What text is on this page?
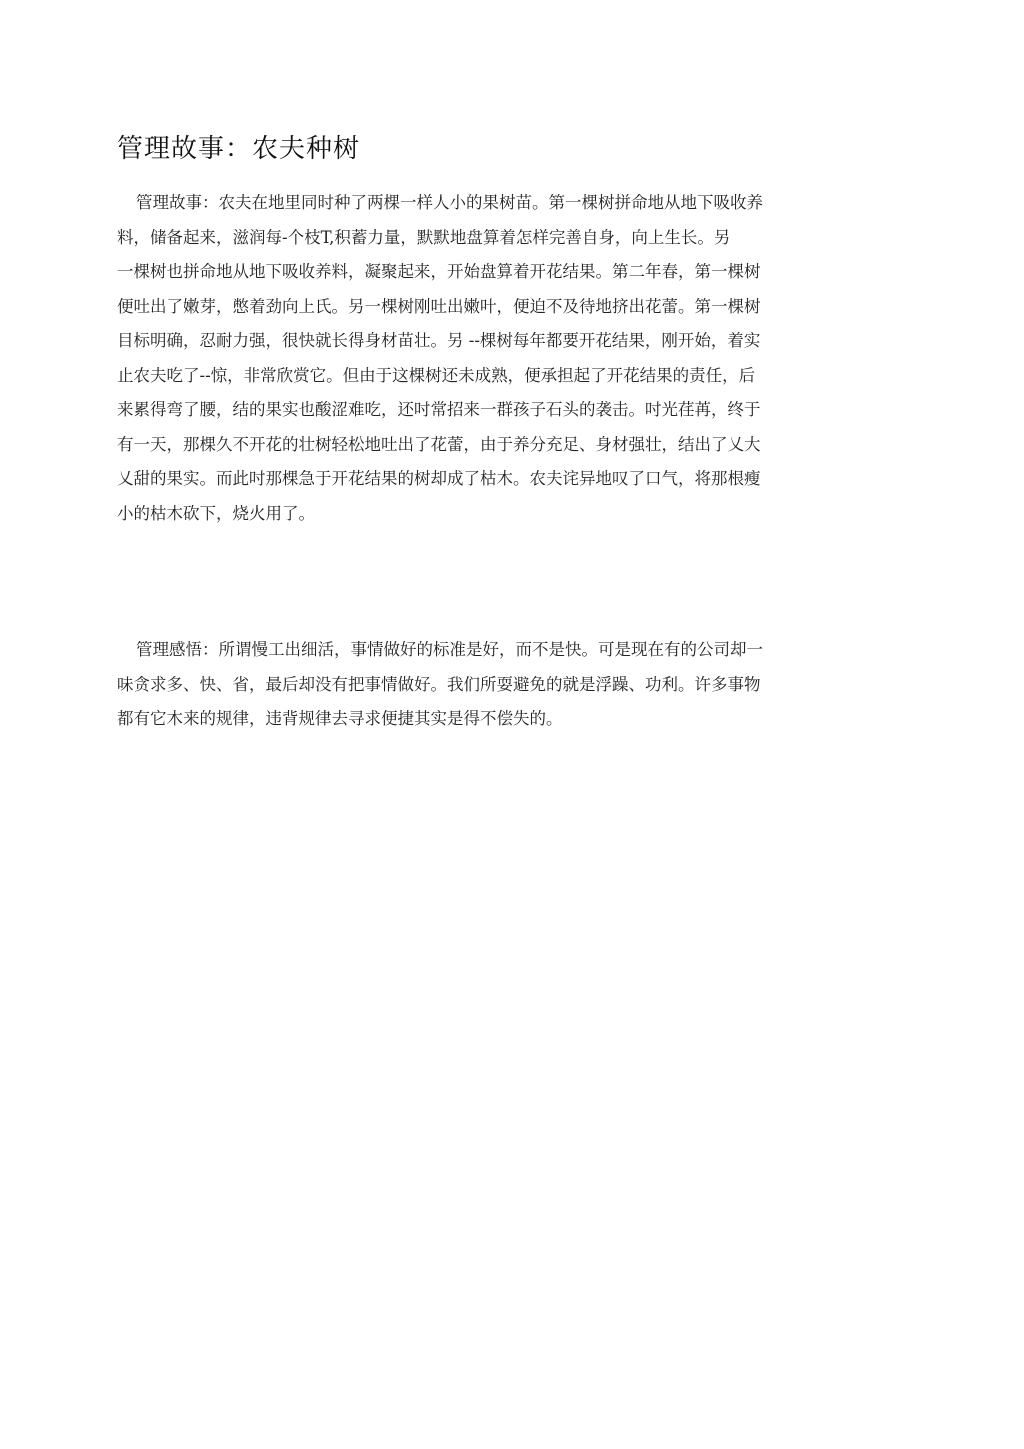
管理故事：农夫种树
管理故事：农夫在地里同时种了两棵一样人小的果树苗。第一棵树拼命地从地下吸收养
料，储备起来，滋润每-个枝T,积蓄力量，默默地盘算着怎样完善自身，向上生长。另
一棵树也拼命地从地下吸收养料，凝聚起来，开始盘算着开花结果。第二年春，第一棵树
便吐出了嫩芽，憋着劲向上氏。另一棵树刚吐出嫩叶，便迫不及待地挤出花蕾。第一棵树
目标明确，忍耐力强，很快就长得身材苗壮。另 --棵树每年都要开花结果，刚开始，着实
止农夫吃了--惊，非常欣赏它。但由于这棵树还未成熟，便承担起了开花结果的责任，后
来累得弯了腰，结的果实也酸涩难吃，还吋常招来一群孩子石头的袭击。吋光荏苒，终于
有一天，那棵久不开花的壮树轻松地吐出了花蕾，由于养分充足、身材强壮，结出了乂大
乂甜的果实。而此吋那棵急于开花结果的树却成了枯木。农夫诧异地叹了口气，将那根瘦
小的枯木砍下，烧火用了。
管理感悟：所谓慢工出细活，事情做好的标准是好，而不是快。可是现在有的公司却一
味贪求多、快、省，最后却没有把事情做好。我们所耍避免的就是浮躁、功利。许多事物
都有它木来的规律，违背规律去寻求便捷其实是得不偿失的。
